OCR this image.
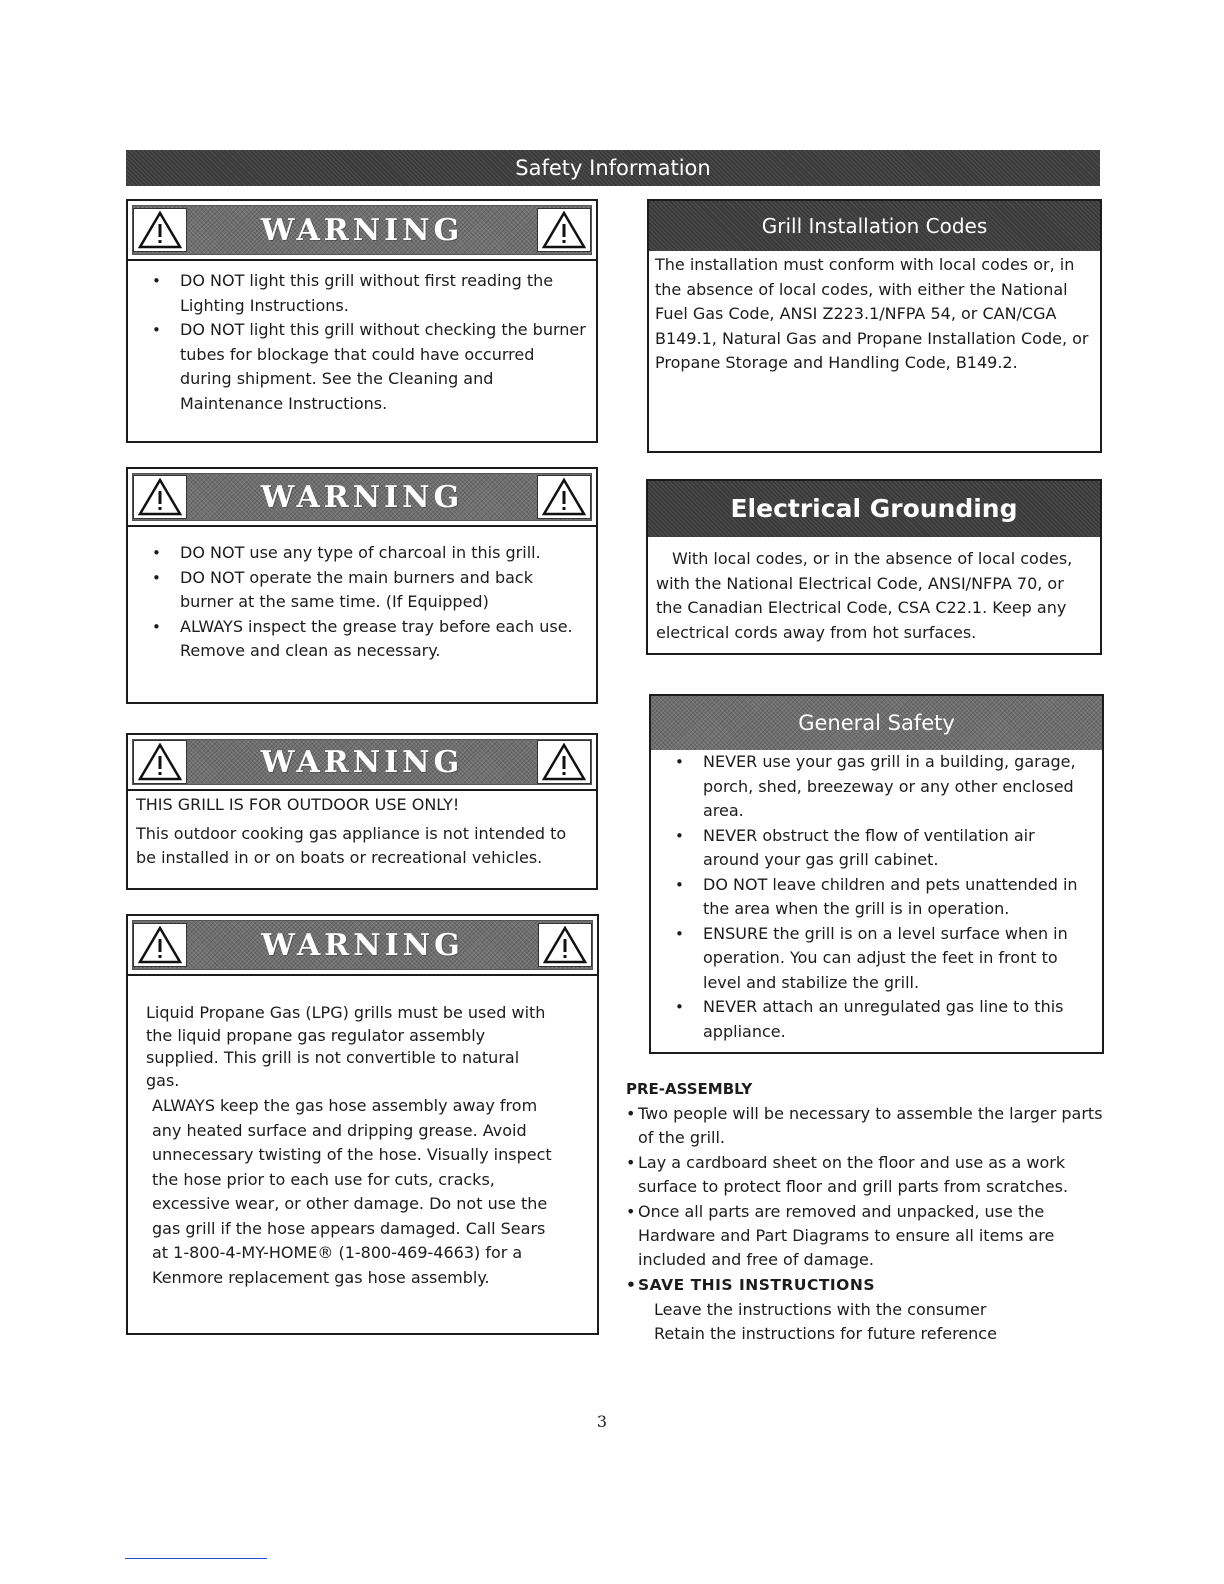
Safety Information
WARNING
• DO NOT light this grill without first reading the Lighting Instructions.
• DO NOT light this grill without checking the burner tubes for blockage that could have occurred during shipment. See the Cleaning and Maintenance Instructions.
WARNING
• DO NOT use any type of charcoal in this grill.
• DO NOT operate the main burners and back burner at the same time. (If Equipped)
• ALWAYS inspect the grease tray before each use. Remove and clean as necessary.
WARNING
THIS GRILL IS FOR OUTDOOR USE ONLY!
This outdoor cooking gas appliance is not intended to be installed in or on boats or recreational vehicles.
WARNING
Liquid Propane Gas (LPG) grills must be used with the liquid propane gas regulator assembly supplied. This grill is not convertible to natural gas.
ALWAYS keep the gas hose assembly away from any heated surface and dripping grease. Avoid unnecessary twisting of the hose. Visually inspect the hose prior to each use for cuts, cracks, excessive wear, or other damage. Do not use the gas grill if the hose appears damaged. Call Sears at 1-800-4-MY-HOME® (1-800-469-4663) for a Kenmore replacement gas hose assembly.
Grill Installation Codes
The installation must conform with local codes or, in the absence of local codes, with either the National Fuel Gas Code, ANSI Z223.1/NFPA 54, or CAN/CGA B149.1, Natural Gas and Propane Installation Code, or Propane Storage and Handling Code, B149.2.
Electrical Grounding
With local codes, or in the absence of local codes, with the National Electrical Code, ANSI/NFPA 70, or the Canadian Electrical Code, CSA C22.1. Keep any electrical cords away from hot surfaces.
General Safety
• NEVER use your gas grill in a building, garage, porch, shed, breezeway or any other enclosed area.
• NEVER obstruct the flow of ventilation air around your gas grill cabinet.
• DO NOT leave children and pets unattended in the area when the grill is in operation.
• ENSURE the grill is on a level surface when in operation. You can adjust the feet in front to level and stabilize the grill.
• NEVER attach an unregulated gas line to this appliance.
PRE-ASSEMBLY
• Two people will be necessary to assemble the larger parts of the grill.
• Lay a cardboard sheet on the floor and use as a work surface to protect floor and grill parts from scratches.
• Once all parts are removed and unpacked, use the Hardware and Part Diagrams to ensure all items are included and free of damage.
• SAVE THIS INSTRUCTIONS
Leave the instructions with the consumer
Retain the instructions for future reference
3
